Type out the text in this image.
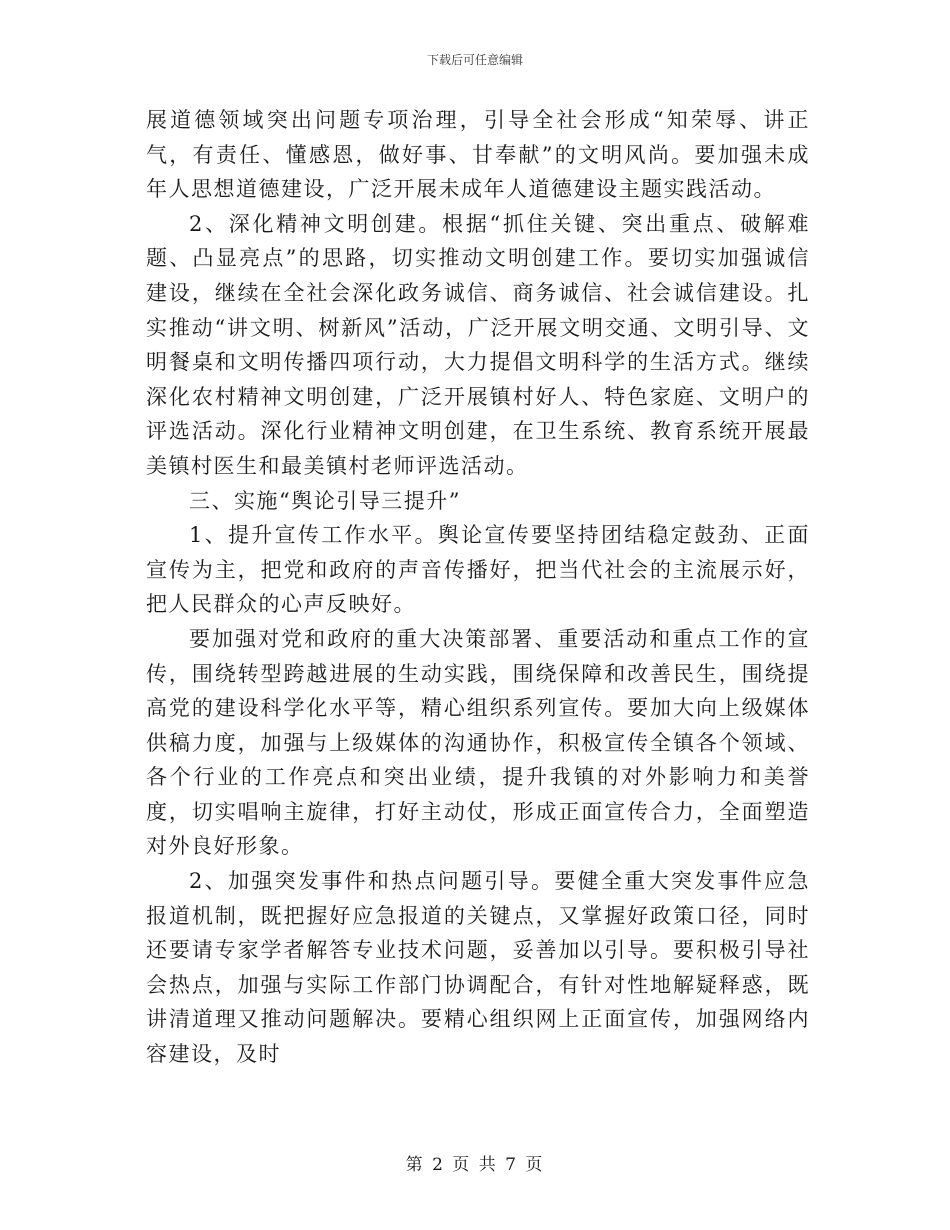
下载后可任意编辑

展道德领域突出问题专项治理，引导全社会形成“知荣辱、讲正气，有责任、懂感恩，做好事、甘奉献”的文明风尚。要加强未成年人思想道德建设，广泛开展未成年人道德建设主题实践活动。

2、深化精神文明创建。根据“抓住关键、突出重点、破解难题、凸显亮点”的思路，切实推动文明创建工作。要切实加强诚信建设，继续在全社会深化政务诚信、商务诚信、社会诚信建设。扎实推动“讲文明、树新风”活动，广泛开展文明交通、文明引导、文明餐桌和文明传播四项行动，大力提倡文明科学的生活方式。继续深化农村精神文明创建，广泛开展镇村好人、特色家庭、文明户的评选活动。深化行业精神文明创建，在卫生系统、教育系统开展最美镇村医生和最美镇村老师评选活动。

三、实施“舆论引导三提升”

1、提升宣传工作水平。舆论宣传要坚持团结稳定鼓劲、正面宣传为主，把党和政府的声音传播好，把当代社会的主流展示好，把人民群众的心声反映好。

要加强对党和政府的重大决策部署、重要活动和重点工作的宣传，围绕转型跨越进展的生动实践，围绕保障和改善民生，围绕提高党的建设科学化水平等，精心组织系列宣传。要加大向上级媒体供稿力度，加强与上级媒体的沟通协作，积极宣传全镇各个领域、各个行业的工作亮点和突出业绩，提升我镇的对外影响力和美誉度，切实唱响主旋律，打好主动仗，形成正面宣传合力，全面塑造对外良好形象。

2、加强突发事件和热点问题引导。要健全重大突发事件应急报道机制，既把握好应急报道的关键点，又掌握好政策口径，同时还要请专家学者解答专业技术问题，妥善加以引导。要积极引导社会热点，加强与实际工作部门协调配合，有针对性地解疑释惑，既讲清道理又推动问题解决。要精心组织网上正面宣传，加强网络内容建设，及时

第 2 页 共 7 页
